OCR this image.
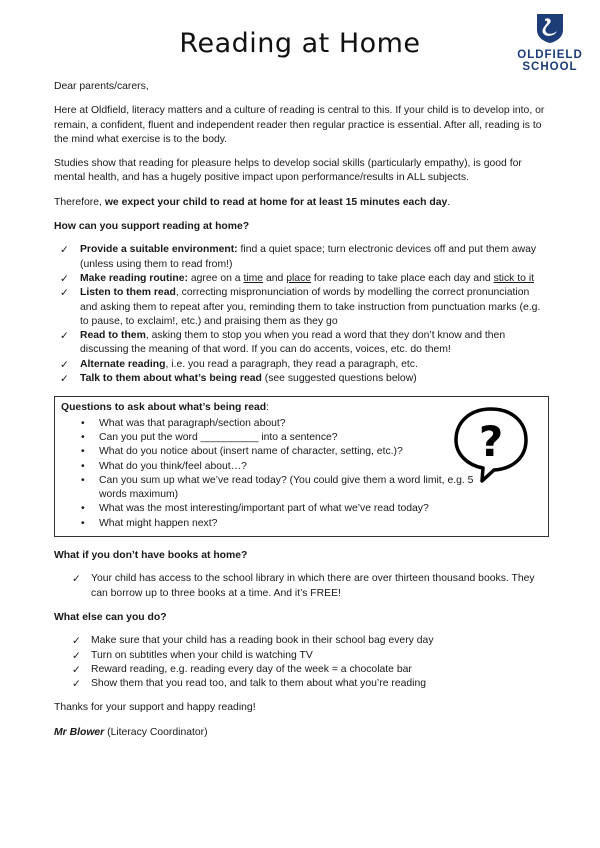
Reading at Home	OLDFIELD
SCHOOL

Dear parents/carers,

Here at Oldfield, literacy matters and a culture of reading is central to this. If your child is to develop into, or remain, a confident, fluent and independent reader then regular practice is essential. After all, reading is to the mind what exercise is to the body.

Studies show that reading for pleasure helps to develop social skills (particularly empathy), is good for mental health, and has a hugely positive impact upon performance/results in ALL subjects.

Therefore, we expect your child to read at home for at least 15 minutes each day.

How can you support reading at home?
✓ Provide a suitable environment: find a quiet space; turn electronic devices off and put them away (unless using them to read from!)
✓ Make reading routine: agree on a time and place for reading to take place each day and stick to it
✓ Listen to them read, correcting mispronunciation of words by modelling the correct pronunciation and asking them to repeat after you, reminding them to take instruction from punctuation marks (e.g. to pause, to exclaim!, etc.) and praising them as they go
✓ Read to them, asking them to stop you when you read a word that they don’t know and then discussing the meaning of that word. If you can do accents, voices, etc. do them!
✓ Alternate reading, i.e. you read a paragraph, they read a paragraph, etc.
✓ Talk to them about what’s being read (see suggested questions below)
Questions to ask about what’s being read:
?
• What was that paragraph/section about?
• Can you put the word __________ into a sentence?
• What do you notice about (insert name of character, setting, etc.)?
• What do you think/feel about…?
• Can you sum up what we’ve read today? (You could give them a word limit, e.g. 5 words maximum)
• What was the most interesting/important part of what we’ve read today?
• What might happen next?
What if you don’t have books at home?
✓ Your child has access to the school library in which there are over thirteen thousand books. They can borrow up to three books at a time. And it’s FREE!
What else can you do?
✓ Make sure that your child has a reading book in their school bag every day
✓ Turn on subtitles when your child is watching TV
✓ Reward reading, e.g. reading every day of the week = a chocolate bar
✓ Show them that you read too, and talk to them about what you’re reading

Thanks for your support and happy reading!

Mr Blower (Literacy Coordinator)
